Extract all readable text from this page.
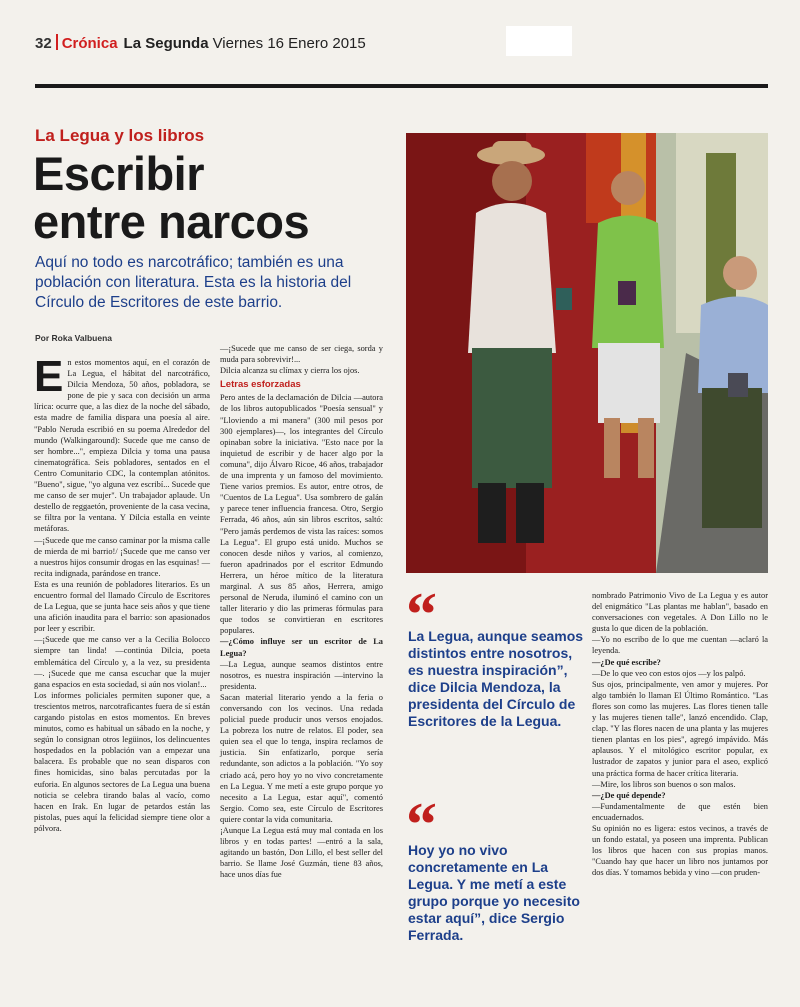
32 Crónica La Segunda Viernes 16 Enero 2015
La Legua y los libros
Escribir
entre narcos
Aquí no todo es narcotráfico; también es una población con literatura. Esta es la historia del Círculo de Escritores de este barrio.
Por Roka Valbuena

En estos momentos aquí, en el corazón de La Legua, el hábitat del narcotráfico, Dilcia Mendoza, 50 años, pobladora, se pone de pie y saca con decisión un arma lírica: ocurre que, a las diez de la noche del sábado, esta madre de familia dispara una poesía al aire. "Pablo Neruda escribió en su poema Alrededor del mundo (Walkingaround): Sucede que me canso de ser hombre...", empieza Dilcia y toma una pausa cinematográfica. Seis pobladores, sentados en el Centro Comunitario CDC, la contemplan atónitos. "Bueno", sigue, "yo alguna vez escribí... Sucede que me canso de ser mujer". Un trabajador aplaude. Un destello de reggaetón, proveniente de la casa vecina, se filtra por la ventana. Y Dilcia estalla en veinte metáforas.

—¡Sucede que me canso caminar por la misma calle de mierda de mi barrio!/ ¡Sucede que me canso ver a nuestros hijos consumir drogas en las esquinas! —recita indignada, parándose en trance.

Esta es una reunión de pobladores literarios. Es un encuentro formal del llamado Círculo de Escritores de La Legua, que se junta hace seis años y que tiene una afición inaudita para el barrio: son apasionados por leer y escribir.

—¡Sucede que me canso ver a la Cecilia Bolocco siempre tan linda! —continúa Dilcia, poeta emblemática del Círculo y, a la vez, su presidenta—. ¡Sucede que me cansa escuchar que la mujer gana espacios en esta sociedad, si aún nos violan!...

Los informes policiales permiten suponer que, a trescientos metros, narcotraficantes fuera de sí están cargando pistolas en estos momentos. En breves minutos, como es habitual un sábado en la noche, y según lo consignan otros legüinos, los delincuentes hospedados en la población van a empezar una balacera. Es probable que no sean disparos con fines homicidas, sino balas percutadas por la euforia. En algunos sectores de La Legua una buena noticia se celebra tirando balas al vacío, como hacen en Irak. En lugar de petardos están las pistolas, pues aquí la felicidad siempre tiene olor a pólvora.

—¡Sucede que me canso de ser ciega, sorda y muda para sobrevivir!...

Dilcia alcanza su clímax y cierra los ojos.

Letras esforzadas

Pero antes de la declamación de Dilcia —autora de los libros autopublicados "Poesía sensual" y "Lloviendo a mi manera" (300 mil pesos por 300 ejemplares)—, los integrantes del Círculo opinaban sobre la iniciativa. "Esto nace por la inquietud de escribir y de hacer algo por la comuna", dijo Álvaro Ricoe, 46 años, trabajador de una imprenta y un famoso del movimiento. Tiene varios premios. Es autor, entre otros, de "Cuentos de La Legua". Usa sombrero de galán y parece tener influencia francesa. Otro, Sergio Ferrada, 46 años, aún sin libros escritos, saltó: "Pero jamás perdemos de vista las raíces: somos La Legua". El grupo está unido. Muchos se conocen desde niños y varios, al comienzo, fueron apadrinados por el escritor Edmundo Herrera, un héroe mítico de la literatura marginal. A sus 85 años, Herrera, amigo personal de Neruda, iluminó el camino con un taller literario y dio las primeras fórmulas para que todos se convirtieran en escritores populares.

—¿Cómo influye ser un escritor de La Legua?

—La Legua, aunque seamos distintos entre nosotros, es nuestra inspiración —intervino la presidenta.

Sacan material literario yendo a la feria o conversando con los vecinos. Una redada policial puede producir unos versos enojados. La pobreza los nutre de relatos. El poder, sea quien sea el que lo tenga, inspira reclamos de justicia. Sin enfatizarlo, porque sería redundante, son adictos a la población. "Yo soy criado acá, pero hoy yo no vivo concretamente en La Legua. Y me metí a este grupo porque yo necesito a La Legua, estar aquí", comentó Sergio. Como sea, este Círculo de Escritores quiere contar la vida comunitaria.

¡Aunque La Legua está muy mal contada en los libros y en todas partes! —entró a la sala, agitando un bastón, Don Lillo, el best seller del barrio. Se llame José Guzmán, tiene 83 años, hace unos días fue

“
La Legua, aunque seamos distintos entre nosotros, es nuestra inspiración”, dice Dilcia Mendoza, la presidenta del Círculo de Escritores de la Legua.
“
Hoy yo no vivo concretamente en La Legua. Y me metí a este grupo porque yo necesito estar aquí”, dice Sergio Ferrada.

nombrado Patrimonio Vivo de La Legua y es autor del enigmático "Las plantas me hablan", basado en conversaciones con vegetales. A Don Lillo no le gusta lo que dicen de la población.

—Yo no escribo de lo que me cuentan —aclaró la leyenda.

—¿De qué escribe?

—De lo que veo con estos ojos —y los palpó.

Sus ojos, principalmente, ven amor y mujeres. Por algo también lo llaman El Último Romántico. "Las flores son como las mujeres. Las flores tienen talle y las mujeres tienen talle", lanzó encendido. Clap, clap. "Y las flores nacen de una planta y las mujeres tienen plantas en los pies", agregó impávido. Más aplausos. Y el mitológico escritor popular, ex lustrador de zapatos y junior para el aseo, explicó una práctica forma de hacer crítica literaria.

—Mire, los libros son buenos o son malos.

—¿De qué depende?

—Fundamentalmente de que estén bien encuadernados.

Su opinión no es ligera: estos vecinos, a través de un fondo estatal, ya poseen una imprenta. Publican los libros que hacen con sus propias manos. "Cuando hay que hacer un libro nos juntamos por dos días. Y tomamos bebida y vino —con pruden-
